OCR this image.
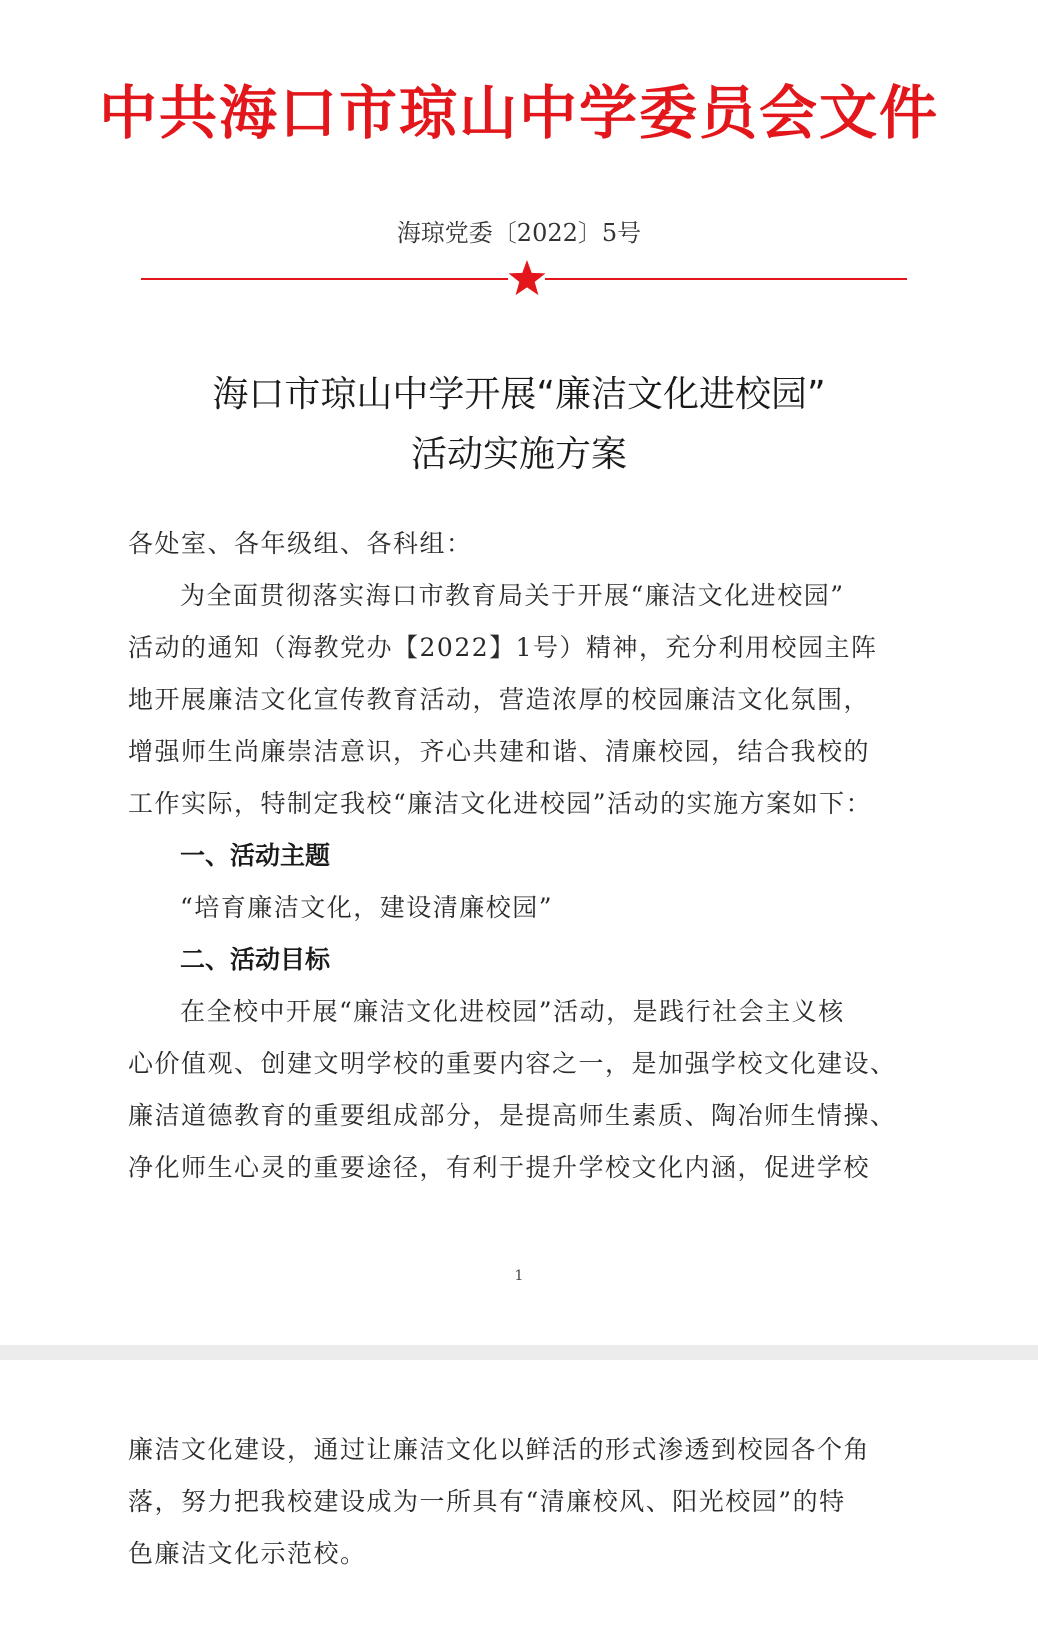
中共海口市琼山中学委员会文件
海琼党委〔2022〕5号
海口市琼山中学开展“廉洁文化进校园”
活动实施方案
各处室、各年级组、各科组：
为全面贯彻落实海口市教育局关于开展“廉洁文化进校园”
活动的通知（海教党办【2022】1号）精神，充分利用校园主阵
地开展廉洁文化宣传教育活动，营造浓厚的校园廉洁文化氛围，
增强师生尚廉崇洁意识，齐心共建和谐、清廉校园，结合我校的
工作实际，特制定我校“廉洁文化进校园”活动的实施方案如下：
一、活动主题
“培育廉洁文化，建设清廉校园”
二、活动目标
在全校中开展“廉洁文化进校园”活动，是践行社会主义核
心价值观、创建文明学校的重要内容之一，是加强学校文化建设、
廉洁道德教育的重要组成部分，是提高师生素质、陶冶师生情操、
净化师生心灵的重要途径，有利于提升学校文化内涵，促进学校
1
廉洁文化建设，通过让廉洁文化以鲜活的形式渗透到校园各个角
落，努力把我校建设成为一所具有“清廉校风、阳光校园”的特
色廉洁文化示范校。
